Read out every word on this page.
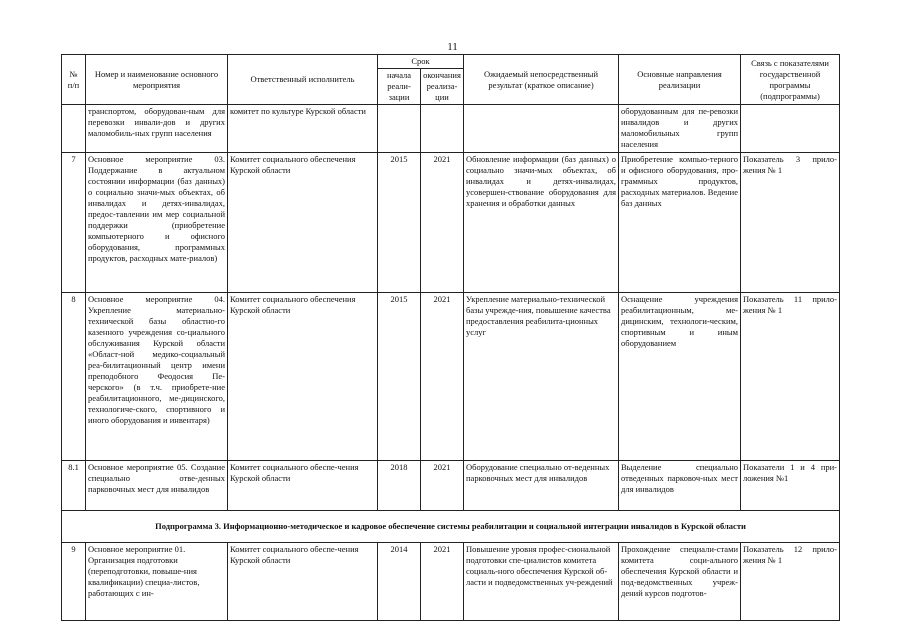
11
№
п/п	Номер и наименование основного мероприятия	Ответственный исполнитель	Срок		Ожидаемый непосредственный результат (краткое описание)	Основные направления реализации	Связь с показателями государственной программы (подпрограммы)
			начала реали-зации	окончания реализа-ции			
	транспортом, оборудован-ным для перевозки инвали-дов и других маломобиль-ных групп населения	комитет по культуре Курской области				оборудованным для пе-ревозки инвалидов и других маломобильных групп населения	
7	Основное мероприятие 03. Поддержание в актуальном состоянии информации (баз данных) о социально значи-мых объектах, об инвалидах и детях-инвалидах, предос-тавлении им мер социальной поддержки (приобретение компьютерного и офисного оборудования, программных продуктов, расходных мате-риалов)	Комитет социального обеспечения Курской области	2015	2021	Обновление информации (баз данных) о социально значи-мых объектах, об инвалидах и детях-инвалидах, усовершен-ствование оборудования для хранения и обработки данных	Приобретение компью-терного и офисного оборудования, про-граммных продуктов, расходных материалов. Ведение баз данных	Показатель 3 прило-жения № 1
8	Основное мероприятие 04. Укрепление материально-технической базы областно-го казенного учреждения со-циального обслуживания Курской области «Област-ной медико-социальный реа-билитационный центр имени преподобного Феодосия Пе-черского» (в т.ч. приобрете-ние реабилитационного, ме-дицинского, технологиче-ского, спортивного и иного оборудования и инвентаря)	Комитет социального обеспечения Курской области	2015	2021	Укрепление материально-технической базы учрежде-ния, повышение качества предоставления реабилита-ционных услуг	Оснащение учреждения реабилитационным, ме-дицинским, технологи-ческим, спортивным и иным оборудованием	Показатель 11 прило-жения № 1
8.1	Основное мероприятие 05. Создание специально отве-денных парковочных мест для инвалидов	Комитет социального обеспе-чения Курской области	2018	2021	Оборудование специально от-веденных парковочных мест для инвалидов	Выделение специально отведенных парковоч-ных мест для инвалидов	Показатели 1 и 4 при-ложения №1
Подпрограмма 3. Информационно-методическое и кадровое обеспечение системы реабилитации и социальной интеграции инвалидов в Курской области							
9	Основное мероприятие 01. Организация подготовки (переподготовки, повыше-ния квалификации) специа-листов, работающих с ин-	Комитет социального обеспе-чения Курской области	2014	2021	Повышение уровня профес-сиональной подготовки спе-циалистов комитета социаль-ного обеспечения Курской об-ласти и подведомственных уч-реждений	Прохождение специали-стами комитета соци-ального обеспечения Курской области и под-ведомственных учреж-дений курсов подготов-	Показатель 12 прило-жения № 1
